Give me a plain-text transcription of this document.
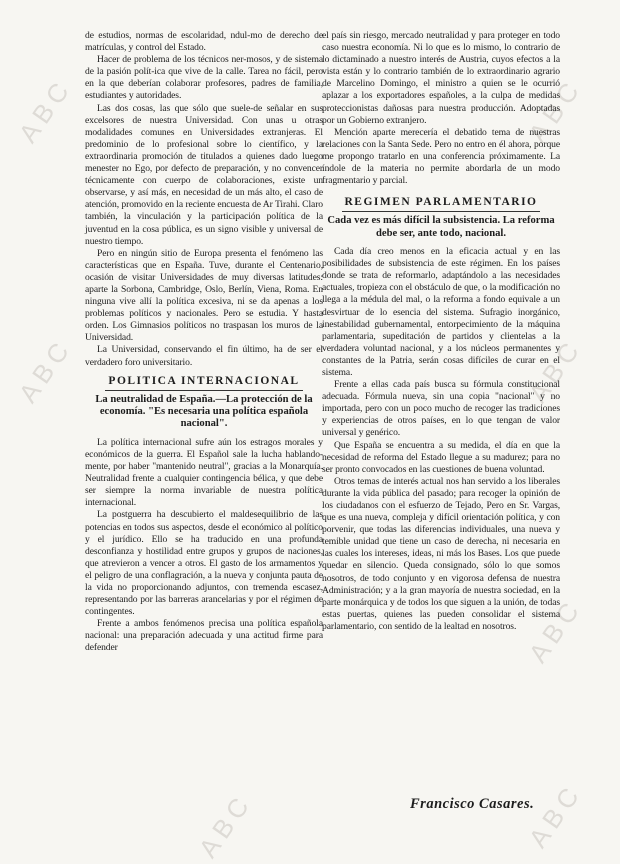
ABC
ABC
ABC
ABC
ABC
ABC	ABC

de estudios, normas de escolaridad, ndul-mo de derecho de matrículas, y control del Estado.

Hacer de problema de los técnicos ner-mosos, y de sistema de la pasión polít-ica que vive de la calle. Tarea no fácil, pero en la que deberían colaborar profesores, padres de familia, estudiantes y autoridades.

Las dos cosas, las que sólo que suele-de señalar en sus excelsores de nuestra Universidad. Con unas u otras modalidades comunes en Universidades extranjeras. El predominio de lo profesional sobre lo científico, y la extraordinaria promoción de titulados a quienes dado luego menester no Ego, por defecto de preparación, y no convencer técnicamente con cuerpo de colaboraciones, existe un observarse, y así más, en necesidad de un más alto, el caso de atención, promovido en la reciente encuesta de Ar Tirahi. Claro también, la vinculación y la participación política de la juventud en la cosa pública, es un signo visible y universal de nuestro tiempo.

Pero en ningún sitio de Europa presenta el fenómeno las características que en España. Tuve, durante el Centenario, ocasión de visitar Universidades de muy diversas latitudes: aparte la Sorbona, Cambridge, Oslo, Berlín, Viena, Roma. En ninguna vive allí la política excesiva, ni se da apenas a los problemas políticos y nacionales. Pero se estudia. Y hasta orden. Los Gimnasios políticos no traspasan los muros de la Universidad.

La Universidad, conservando el fin último, ha de ser el verdadero foro universitario.

POLITICA INTERNACIONAL
La neutralidad de España.—La protección de la economía. "Es necesaria una política española nacional".

La política internacional sufre aún los estragos morales y económicos de la guerra. El Español sale la lucha hablando-mente, por haber "mantenido neutral", gracias a la Monarquía. Neutralidad frente a cualquier contingencia bélica, y que debe ser siempre la norma invariable de nuestra política internacional.

La postguerra ha descubierto el maldesequilibrio de las potencias en todos sus aspectos, desde el económico al político y el jurídico. Ello se ha traducido en una profunda desconfianza y hostilidad entre grupos y grupos de naciones, que atrevieron a vencer a otros. El gasto de los armamentos y el peligro de una conflagración, a la nueva y conjunta pauta de la vida no proporcionando adjuntos, con tremenda escasez, representando por las barreras arancelarias y por el régimen de contingentes.

Frente a ambos fenómenos precisa una política española nacional: una preparación adecuada y una actitud firme para defender

el país sin riesgo, mercado neutralidad y para proteger en todo caso nuestra economía. Ni lo que es lo mismo, lo contrario de lo dictaminado a nuestro interés de Austria, cuyos efectos a la vista están y lo contrario también de lo extraordinario agrario de Marcelino Domingo, el ministro a quien se le ocurrió aplazar a los exportadores españoles, a la culpa de medidas proteccionistas dañosas para nuestra producción. Adoptadas por un Gobierno extranjero.

Mención aparte merecería el debatido tema de nuestras relaciones con la Santa Sede. Pero no entro en él ahora, porque me propongo tratarlo en una conferencia próximamente. La índole de la materia no permite abordarla de un modo fragmentario y parcial.

REGIMEN PARLAMENTARIO
Cada vez es más difícil la subsistencia. La reforma debe ser, ante todo, nacional.

Cada día creo menos en la eficacia actual y en las posibilidades de subsistencia de este régimen. En los países donde se trata de reformarlo, adaptándolo a las necesidades actuales, tropieza con el obstáculo de que, o la modificación no llega a la médula del mal, o la reforma a fondo equivale a un desvirtuar de lo esencia del sistema. Sufragio inorgánico, inestabilidad gubernamental, entorpecimiento de la máquina parlamentaria, supeditación de partidos y clientelas a la verdadera voluntad nacional, y a los núcleos permanentes y constantes de la Patria, serán cosas difíciles de curar en el sistema.

Frente a ellas cada país busca su fórmula constitucional adecuada. Fórmula nueva, sin una copia "nacional" y no importada, pero con un poco mucho de recoger las tradiciones y experiencias de otros países, en lo que tengan de valor universal y genérico.

Que España se encuentra a su medida, el día en que la necesidad de reforma del Estado llegue a su madurez; para no ser pronto convocados en las cuestiones de buena voluntad.

Otros temas de interés actual nos han servido a los liberales durante la vida pública del pasado; para recoger la opinión de los ciudadanos con el esfuerzo de Tejado, Pero en Sr. Vargas, que es una nueva, compleja y difícil orientación política, y con porvenir, que todas las diferencias individuales, una nueva y temible unidad que tiene un caso de derecha, ni necesaria en las cuales los intereses, ideas, ni más los Bases. Los que puede quedar en silencio. Queda consignado, sólo lo que somos nosotros, de todo conjunto y en vigorosa defensa de nuestra Administración; y a la gran mayoría de nuestra sociedad, en la parte monárquica y de todos los que siguen a la unión, de todas estas puertas, quienes las pueden consolidar el sistema parlamentario, con sentido de la lealtad en nosotros.

Francisco Casares.
